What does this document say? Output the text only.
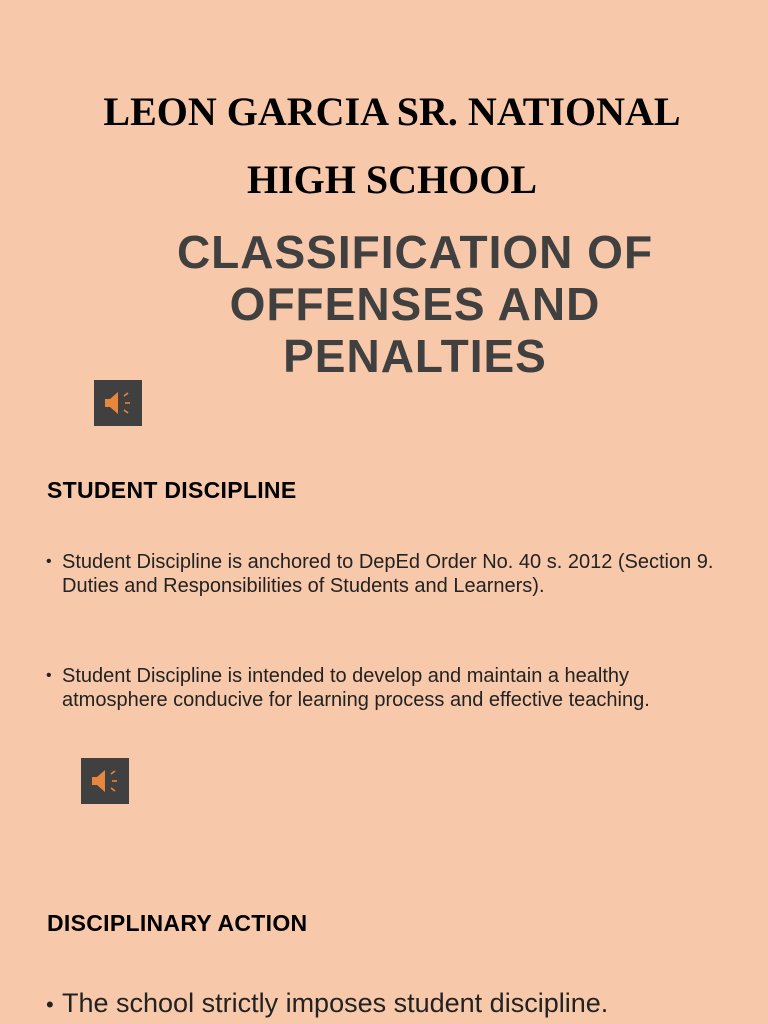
LEON GARCIA SR. NATIONAL
HIGH SCHOOL
CLASSIFICATION OF
OFFENSES AND
PENALTIES
STUDENT DISCIPLINE
• Student Discipline is anchored to DepEd Order No. 40 s. 2012 (Section 9. Duties and Responsibilities of Students and Learners).
• Student Discipline is intended to develop and maintain a healthy atmosphere conducive for learning process and effective teaching.
DISCIPLINARY ACTION
• The school strictly imposes student discipline.
